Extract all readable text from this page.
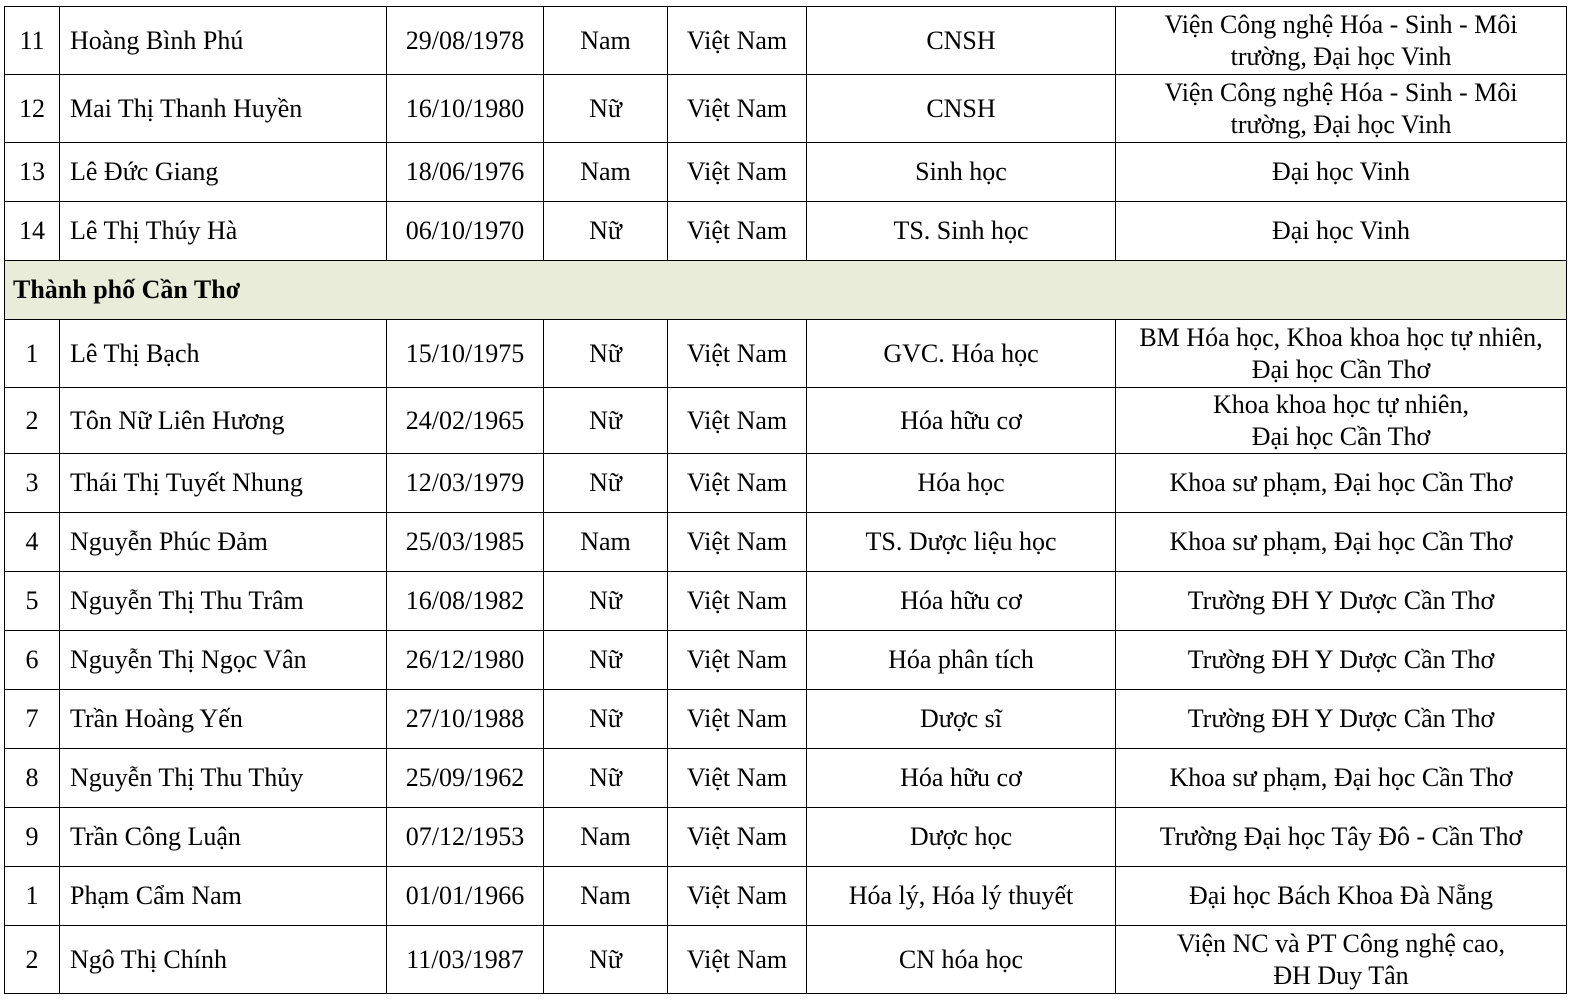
11	Hoàng Bình Phú	29/08/1978	Nam	Việt Nam	CNSH	Viện Công nghệ Hóa - Sinh - Môi
trường, Đại học Vinh
12	Mai Thị Thanh Huyền	16/10/1980	Nữ	Việt Nam	CNSH	Viện Công nghệ Hóa - Sinh - Môi
trường, Đại học Vinh
13	Lê Đức Giang	18/06/1976	Nam	Việt Nam	Sinh học	Đại học Vinh
14	Lê Thị Thúy Hà	06/10/1970	Nữ	Việt Nam	TS. Sinh học	Đại học Vinh
Thành phố Cần Thơ						
1	Lê Thị Bạch	15/10/1975	Nữ	Việt Nam	GVC. Hóa học	BM Hóa học, Khoa khoa học tự nhiên,
Đại học Cần Thơ
2	Tôn Nữ Liên Hương	24/02/1965	Nữ	Việt Nam	Hóa hữu cơ	Khoa khoa học tự nhiên,
Đại học Cần Thơ
3	Thái Thị Tuyết Nhung	12/03/1979	Nữ	Việt Nam	Hóa học	Khoa sư phạm, Đại học Cần Thơ
4	Nguyễn Phúc Đảm	25/03/1985	Nam	Việt Nam	TS. Dược liệu học	Khoa sư phạm, Đại học Cần Thơ
5	Nguyễn Thị Thu Trâm	16/08/1982	Nữ	Việt Nam	Hóa hữu cơ	Trường ĐH Y Dược Cần Thơ
6	Nguyễn Thị Ngọc Vân	26/12/1980	Nữ	Việt Nam	Hóa phân tích	Trường ĐH Y Dược Cần Thơ
7	Trần Hoàng Yến	27/10/1988	Nữ	Việt Nam	Dược sĩ	Trường ĐH Y Dược Cần Thơ
8	Nguyễn Thị Thu Thủy	25/09/1962	Nữ	Việt Nam	Hóa hữu cơ	Khoa sư phạm, Đại học Cần Thơ
9	Trần Công Luận	07/12/1953	Nam	Việt Nam	Dược học	Trường Đại học Tây Đô - Cần Thơ
1	Phạm Cẩm Nam	01/01/1966	Nam	Việt Nam	Hóa lý, Hóa lý thuyết	Đại học Bách Khoa Đà Nẵng
2	Ngô Thị Chính	11/03/1987	Nữ	Việt Nam	CN hóa học	Viện NC và PT Công nghệ cao,
ĐH Duy Tân
